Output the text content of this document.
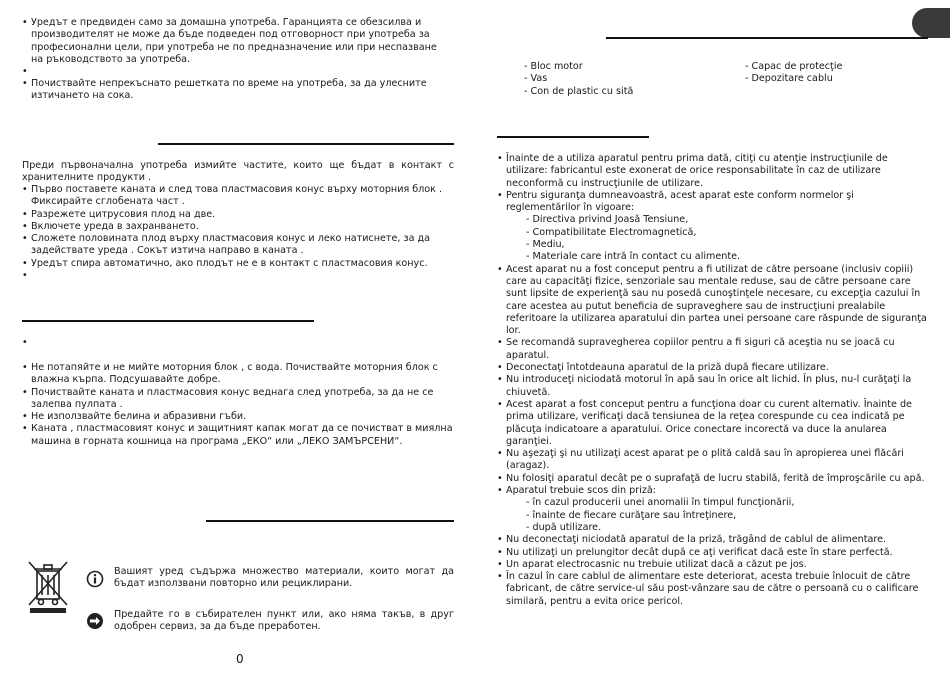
• Уредът е предвиден само за домашна употреба. Гаранцията се обезсилва и производителят не може да бъде подведен под отговорност при употреба за професионални цели, при употреба не по предназначение или при неспазване на ръководството за употреба.
•
• Почиствайте непрекъснато решетката по време на употреба, за да улесните изтичането на сока.
Преди първоначална употреба измийте частите, които ще бъдат в контакт с хранителните продукти .
• Първо поставете каната и след това пластмасовия конус върху моторния блок . Фиксирайте сглобената част .
• Разрежете цитрусовия плод на две.
• Включете уреда в захранването.
• Сложете половината плод върху пластмасовия конус и леко натиснете, за да задействате уреда . Сокът изтича направо в каната .
• Уредът спира автоматично, ако плодът не е в контакт с пластмасовия конус.
•
•
• Не потапяйте и не мийте моторния блок , с вода. Почиствайте моторния блок с влажна кърпа. Подсушавайте добре.
• Почиствайте каната и пластмасовия конус веднага след употреба, за да не се залепва пулпата .
• Не използвайте белина и абразивни гъби.
• Каната , пластмасовият конус и защитният капак могат да се почистват в миялна машина в горната кошница на програма „ЕКО“ или „ЛЕКО ЗАМЪРСЕНИ“.
Вашият уред съдържа множество материали, които могат да бъдат използвани повторно или рециклирани.
Предайте го в събирателен пункт или, ако няма такъв, в друг одобрен сервиз, за да бъде преработен.
0
- Bloc motor
- Vas
- Con de plastic cu sită
- Capac de protecţie
- Depozitare cablu
• Înainte de a utiliza aparatul pentru prima dată, citiţi cu atenţie instrucţiunile de utilizare: fabricantul este exonerat de orice responsabilitate în caz de utilizare neconformă cu instrucţiunile de utilizare.
• Pentru siguranţa dumneavoastră, acest aparat este conform normelor şi reglementărilor în vigoare:
- Directiva privind Joasă Tensiune,
- Compatibilitate Electromagnetică,
- Mediu,
- Materiale care intră în contact cu alimente.
• Acest aparat nu a fost conceput pentru a fi utilizat de către persoane (inclusiv copiii) care au capacităţi fizice, senzoriale sau mentale reduse, sau de către persoane care sunt lipsite de experienţă sau nu posedă cunoştinţele necesare, cu excepţia cazului în care acestea au putut beneficia de supraveghere sau de instrucţiuni prealabile referitoare la utilizarea aparatului din partea unei persoane care răspunde de siguranţa lor.
• Se recomandă supravegherea copiilor pentru a fi siguri că aceştia nu se joacă cu aparatul.
• Deconectaţi întotdeauna aparatul de la priză după fiecare utilizare.
• Nu introduceţi niciodată motorul în apă sau în orice alt lichid. În plus, nu-l curăţaţi la chiuvetă.
• Acest aparat a fost conceput pentru a funcţiona doar cu curent alternativ. Înainte de prima utilizare, verificaţi dacă tensiunea de la reţea corespunde cu cea indicată pe plăcuţa indicatoare a aparatului. Orice conectare incorectă va duce la anularea garanţiei.
• Nu aşezaţi şi nu utilizaţi acest aparat pe o plită caldă sau în apropierea unei flăcări (aragaz).
• Nu folosiţi aparatul decât pe o suprafaţă de lucru stabilă, ferită de împroşcările cu apă.
• Aparatul trebuie scos din priză:
- în cazul producerii unei anomalii în timpul funcţionării,
- înainte de fiecare curăţare sau întreţinere,
- după utilizare.
• Nu deconectaţi niciodată aparatul de la priză, trăgând de cablul de alimentare.
• Nu utilizaţi un prelungitor decât după ce aţi verificat dacă este în stare perfectă.
• Un aparat electrocasnic nu trebuie utilizat dacă a căzut pe jos.
• În cazul în care cablul de alimentare este deteriorat, acesta trebuie înlocuit de către fabricant, de către service-ul său post-vânzare sau de către o persoană cu o calificare similară, pentru a evita orice pericol.
